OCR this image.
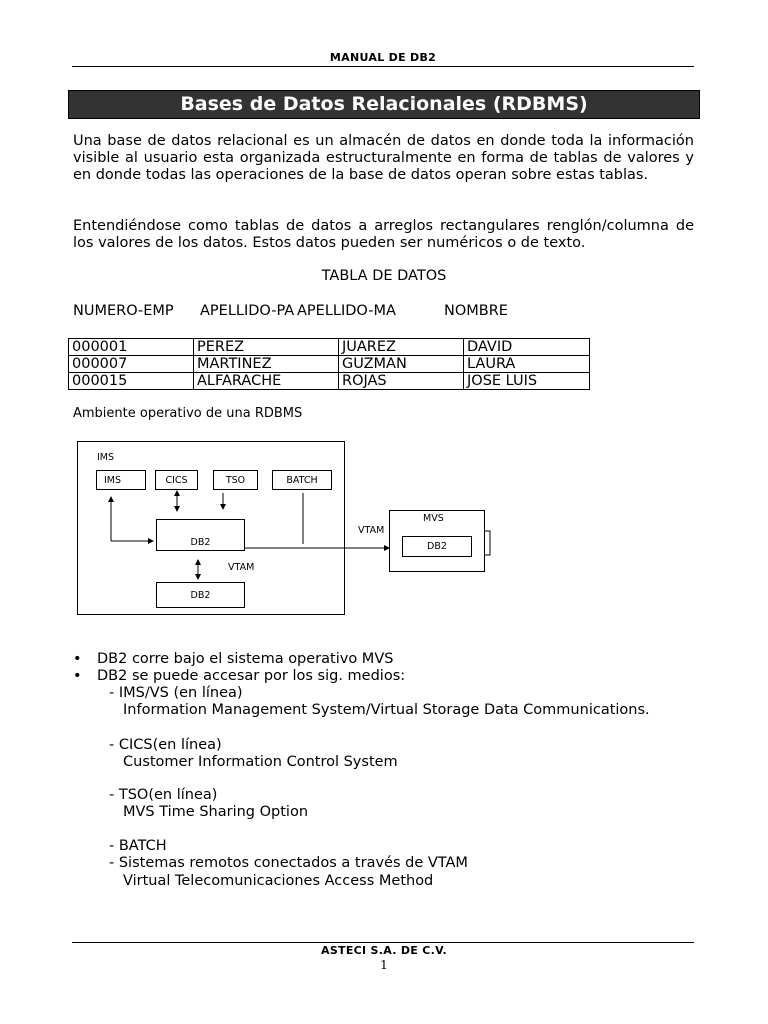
MANUAL DE DB2
Bases de Datos Relacionales (RDBMS)
Una base de datos relacional es un almacén de datos en donde toda la información visible al usuario esta organizada estructuralmente en forma de tablas de valores y en donde todas las operaciones de la base de datos operan sobre estas tablas.
Entendiéndose como tablas de datos a arreglos rectangulares renglón/columna de los valores de los datos. Estos datos pueden ser numéricos o de texto.
TABLA DE DATOS
NUMERO-EMP APELLIDO-PA APELLIDO-MA	NOMBRE
000001	PEREZ	JUAREZ	DAVID
000007	MARTINEZ	GUZMAN	LAURA
000015	ALFARACHE	ROJAS	JOSE LUIS
Ambiente operativo de una RDBMS
IMS
IMS	CICS	TSO	BATCH
DB2
DB2
VTAM
VTAM
MVS
DB2
• DB2 corre bajo el sistema operativo MVS
• DB2 se puede accesar por los sig. medios:
- IMS/VS (en línea)
Information Management System/Virtual Storage Data Communications.
- CICS(en línea)
Customer Information Control System
- TSO(en línea)
MVS Time Sharing Option
- BATCH
- Sistemas remotos conectados a través de VTAM
Virtual Telecomunicaciones Access Method
ASTECI S.A. DE C.V.
1
